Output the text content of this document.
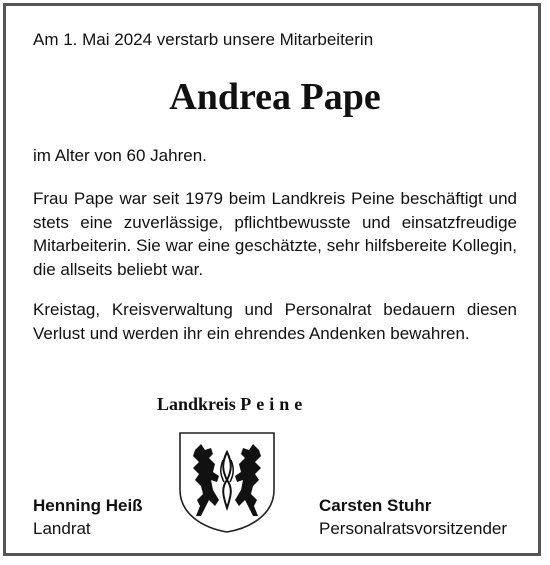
Am 1. Mai 2024 verstarb unsere Mitarbeiterin
Andrea Pape
im Alter von 60 Jahren.
Frau Pape war seit 1979 beim Landkreis Peine beschäftigt und stets eine zuverlässige, pflichtbewusste und einsatzfreudige Mitarbeiterin. Sie war eine geschätzte, sehr hilfsbereite Kollegin, die allseits beliebt war.
Kreistag, Kreisverwaltung und Personalrat bedauern diesen Verlust und werden ihr ein ehrendes Andenken bewahren.
Landkreis Peine
Henning Heiß
Landrat
Carsten Stuhr
Personalratsvorsitzender
